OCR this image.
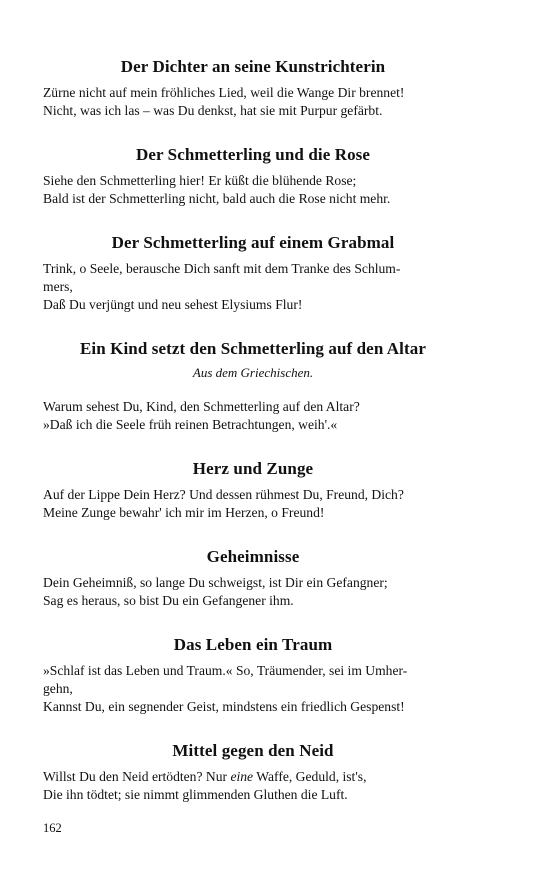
Der Dichter an seine Kunstrichterin

Zürne nicht auf mein fröhliches Lied, weil die Wange Dir brennet!
Nicht, was ich las – was Du denkst, hat sie mit Purpur gefärbt.

Der Schmetterling und die Rose

Siehe den Schmetterling hier! Er küßt die blühende Rose;
Bald ist der Schmetterling nicht, bald auch die Rose nicht mehr.

Der Schmetterling auf einem Grabmal

Trink, o Seele, berausche Dich sanft mit dem Tranke des Schlum-
mers,
Daß Du verjüngt und neu sehest Elysiums Flur!

Ein Kind setzt den Schmetterling auf den Altar
Aus dem Griechischen.

Warum sehest Du, Kind, den Schmetterling auf den Altar?
»Daß ich die Seele früh reinen Betrachtungen, weih'.«

Herz und Zunge

Auf der Lippe Dein Herz? Und dessen rühmest Du, Freund, Dich?
Meine Zunge bewahr' ich mir im Herzen, o Freund!

Geheimnisse

Dein Geheimniß, so lange Du schweigst, ist Dir ein Gefangner;
Sag es heraus, so bist Du ein Gefangener ihm.

Das Leben ein Traum

»Schlaf ist das Leben und Traum.« So, Träumender, sei im Umher-
gehn,
Kannst Du, ein segnender Geist, mindstens ein friedlich Gespenst!

Mittel gegen den Neid

Willst Du den Neid ertödten? Nur eine Waffe, Geduld, ist's,
Die ihn tödtet; sie nimmt glimmenden Gluthen die Luft.

162
